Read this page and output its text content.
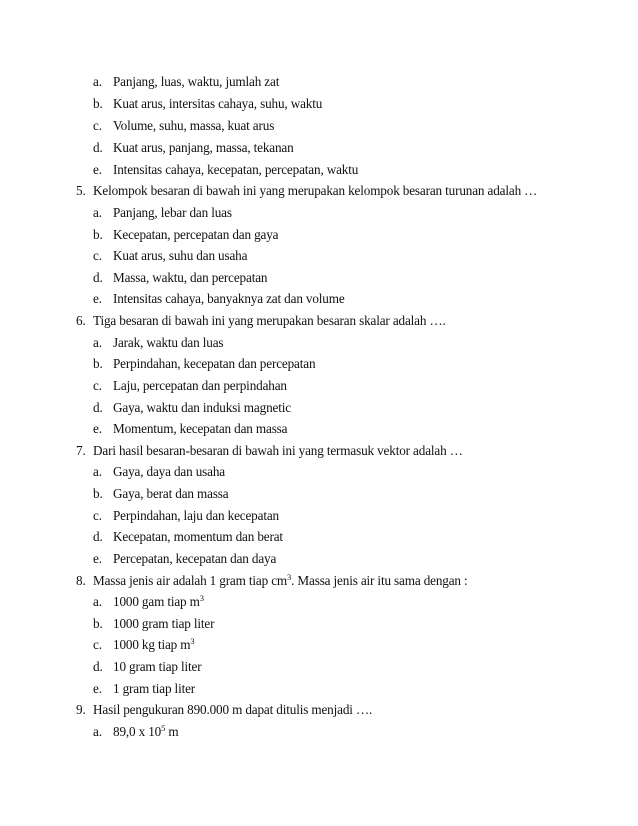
a. Panjang, luas, waktu, jumlah zat
b. Kuat arus, intersitas cahaya, suhu, waktu
c. Volume, suhu, massa, kuat arus
d. Kuat arus, panjang, massa, tekanan
e. Intensitas cahaya, kecepatan, percepatan, waktu
5. Kelompok besaran di bawah ini yang merupakan kelompok besaran turunan adalah …
a. Panjang, lebar dan luas
b. Kecepatan, percepatan dan gaya
c. Kuat arus, suhu dan usaha
d. Massa, waktu, dan percepatan
e. Intensitas cahaya, banyaknya zat dan volume
6. Tiga besaran di bawah ini yang merupakan besaran skalar adalah ….
a. Jarak, waktu dan luas
b. Perpindahan, kecepatan dan percepatan
c. Laju, percepatan dan perpindahan
d. Gaya, waktu dan induksi magnetic
e. Momentum, kecepatan dan massa
7. Dari hasil besaran-besaran di bawah ini yang termasuk vektor adalah …
a. Gaya, daya dan usaha
b. Gaya, berat dan massa
c. Perpindahan, laju dan kecepatan
d. Kecepatan, momentum dan berat
e. Percepatan, kecepatan dan daya
8. Massa jenis air adalah 1 gram tiap $cm^3$. Massa jenis air itu sama dengan :
a. 1000 gam tiap $m^3$
b. 1000 gram tiap liter
c. 1000 kg tiap $m^3$
d. 10 gram tiap liter
e. 1 gram tiap liter
9. Hasil pengukuran 890.000 m dapat ditulis menjadi ….
a. 89,0 x $10^5$ m
